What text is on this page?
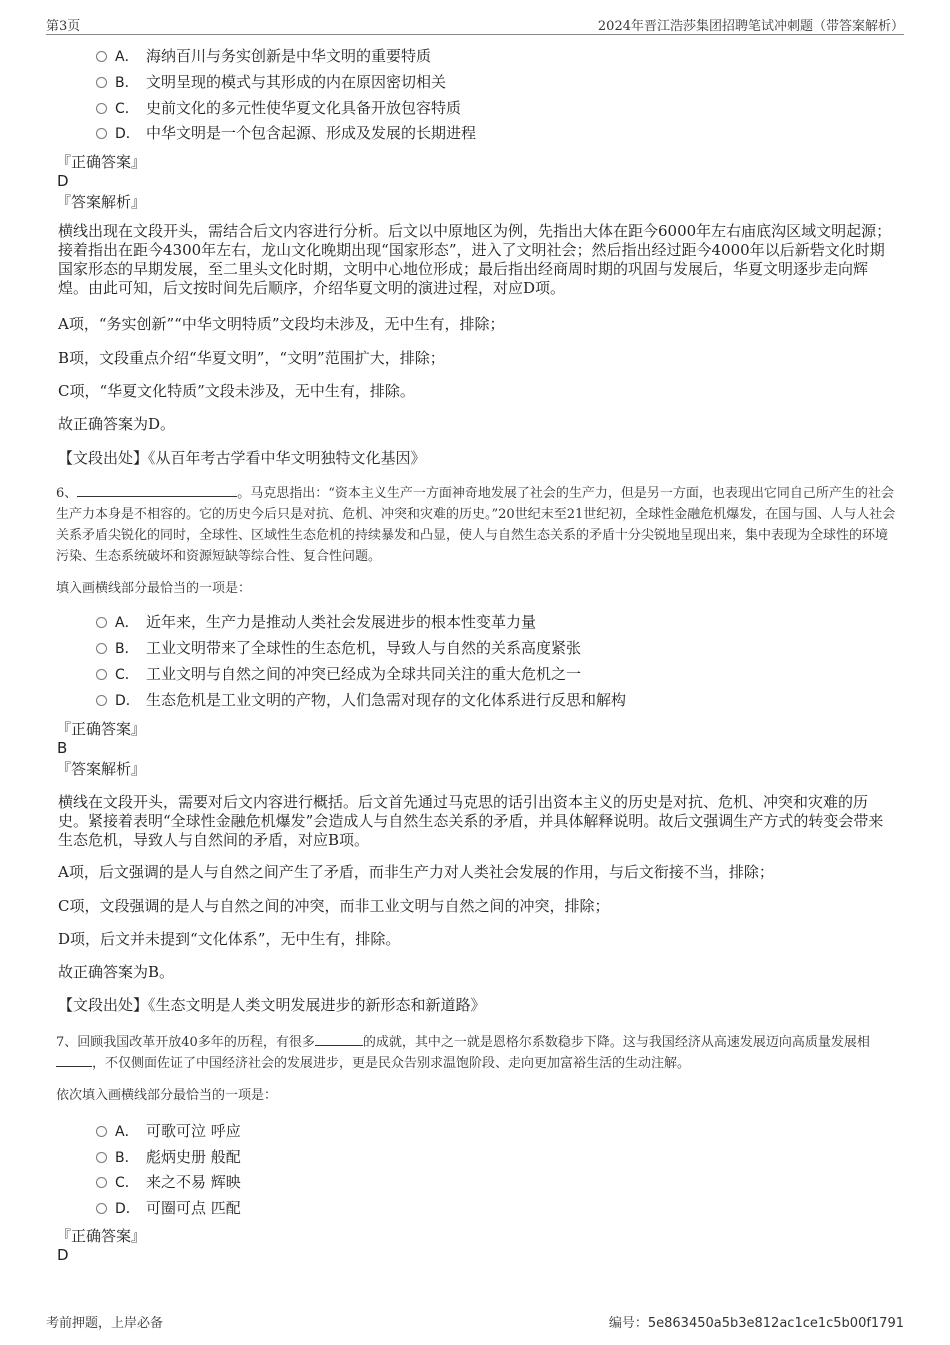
第3页	2024年晋江浩莎集团招聘笔试冲刺题（带答案解析）
A． 海纳百川与务实创新是中华文明的重要特质
B． 文明呈现的模式与其形成的内在原因密切相关
C． 史前文化的多元性使华夏文化具备开放包容特质
D． 中华文明是一个包含起源、形成及发展的长期进程
『正确答案』
D
『答案解析』

横线出现在文段开头，需结合后文内容进行分析。后文以中原地区为例，先指出大体在距今6000年左右庙底沟区域文明起源；接着指出在距今4300年左右，龙山文化晚期出现“国家形态”，进入了文明社会；然后指出经过距今4000年以后新砦文化时期国家形态的早期发展，至二里头文化时期，文明中心地位形成；最后指出经商周时期的巩固与发展后，华夏文明逐步走向辉煌。由此可知，后文按时间先后顺序，介绍华夏文明的演进过程，对应D项。

A项，“务实创新”“中华文明特质”文段均未涉及，无中生有，排除；

B项，文段重点介绍“华夏文明”，“文明”范围扩大，排除；

C项，“华夏文化特质”文段未涉及，无中生有，排除。

故正确答案为D。

【文段出处】《从百年考古学看中华文明独特文化基因》

6、	。马克思指出：“资本主义生产一方面神奇地发展了社会的生产力，但是另一方面，也表现出它同自己所产生的社会生产力本身是不相容的。它的历史今后只是对抗、危机、冲突和灾难的历史。”20世纪末至21世纪初，全球性金融危机爆发，在国与国、人与人社会关系矛盾尖锐化的同时，全球性、区域性生态危机的持续暴发和凸显，使人与自然生态关系的矛盾十分尖锐地呈现出来，集中表现为全球性的环境污染、生态系统破坏和资源短缺等综合性、复合性问题。

填入画横线部分最恰当的一项是：

A． 近年来，生产力是推动人类社会发展进步的根本性变革力量
B． 工业文明带来了全球性的生态危机，导致人与自然的关系高度紧张
C． 工业文明与自然之间的冲突已经成为全球共同关注的重大危机之一
D． 生态危机是工业文明的产物，人们急需对现存的文化体系进行反思和解构
『正确答案』
B
『答案解析』

横线在文段开头，需要对后文内容进行概括。后文首先通过马克思的话引出资本主义的历史是对抗、危机、冲突和灾难的历史。紧接着表明“全球性金融危机爆发”会造成人与自然生态关系的矛盾，并具体解释说明。故后文强调生产方式的转变会带来生态危机，导致人与自然间的矛盾，对应B项。

A项，后文强调的是人与自然之间产生了矛盾，而非生产力对人类社会发展的作用，与后文衔接不当，排除；

C项，文段强调的是人与自然之间的冲突，而非工业文明与自然之间的冲突，排除；

D项，后文并未提到“文化体系”，无中生有，排除。

故正确答案为B。

【文段出处】《生态文明是人类文明发展进步的新形态和新道路》

7、回顾我国改革开放40多年的历程，有很多	的成就，其中之一就是恩格尔系数稳步下降。这与我国经济从高速发展迈向高质量发展相，不仅侧面佐证了中国经济社会的发展进步，更是民众告别求温饱阶段、走向更加富裕生活的生动注解。

依次填入画横线部分最恰当的一项是：

A． 可歌可泣 呼应
B． 彪炳史册 般配
C． 来之不易 辉映
D． 可圈可点 匹配
『正确答案』
D
考前押题，上岸必备	编号：5e863450a5b3e812ac1ce1c5b00f1791
